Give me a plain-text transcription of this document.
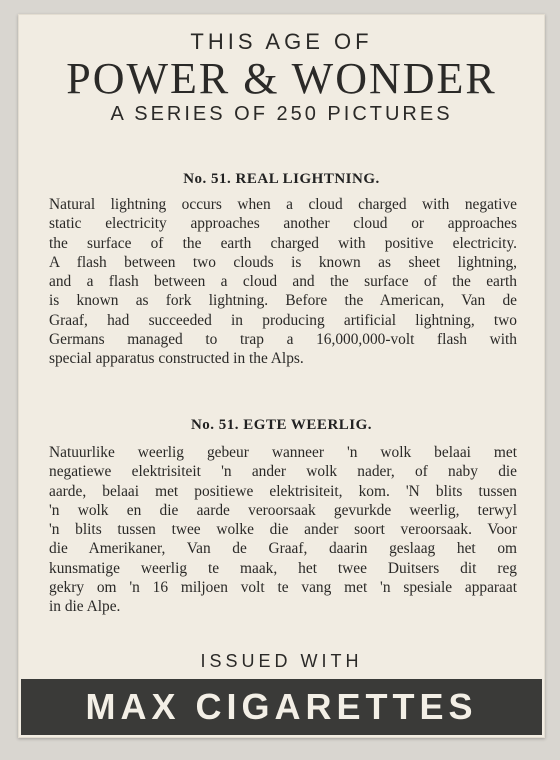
THIS AGE OF
POWER & WONDER
A SERIES OF 250 PICTURES
No. 51. REAL LIGHTNING.
Natural lightning occurs when a cloud charged with negative
static electricity approaches another cloud or approaches
the surface of the earth charged with positive electricity.
A flash between two clouds is known as sheet lightning,
and a flash between a cloud and the surface of the earth
is known as fork lightning. Before the American, Van de
Graaf, had succeeded in producing artificial lightning, two
Germans managed to trap a 16,000,000-volt flash with
special apparatus constructed in the Alps.
No. 51. EGTE WEERLIG.
Natuurlike weerlig gebeur wanneer 'n wolk belaai met
negatiewe elektrisiteit 'n ander wolk nader, of naby die
aarde, belaai met positiewe elektrisiteit, kom. 'N blits tussen
'n wolk en die aarde veroorsaak gevurkde weerlig, terwyl
'n blits tussen twee wolke die ander soort veroorsaak. Voor
die Amerikaner, Van de Graaf, daarin geslaag het om
kunsmatige weerlig te maak, het twee Duitsers dit reg
gekry om 'n 16 miljoen volt te vang met 'n spesiale apparaat
in die Alpe.
ISSUED WITH
MAX CIGARETTES
